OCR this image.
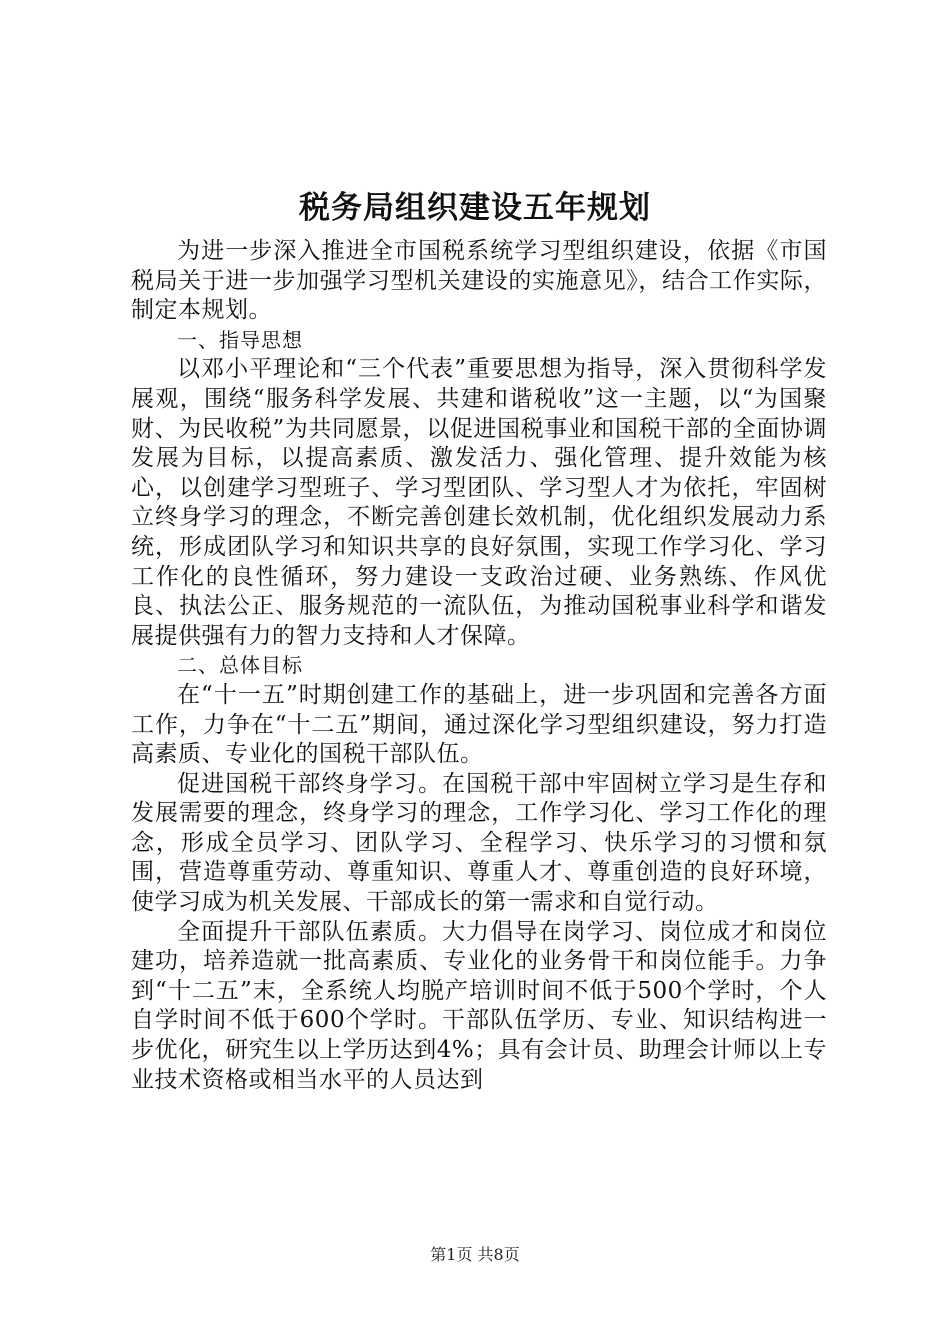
税务局组织建设五年规划

为进一步深入推进全市国税系统学习型组织建设，依据《市国税局关于进一步加强学习型机关建设的实施意见》，结合工作实际，制定本规划。

一、指导思想

以邓小平理论和“三个代表”重要思想为指导，深入贯彻科学发展观，围绕“服务科学发展、共建和谐税收”这一主题，以“为国聚财、为民收税”为共同愿景，以促进国税事业和国税干部的全面协调发展为目标，以提高素质、激发活力、强化管理、提升效能为核心，以创建学习型班子、学习型团队、学习型人才为依托，牢固树立终身学习的理念，不断完善创建长效机制，优化组织发展动力系统，形成团队学习和知识共享的良好氛围，实现工作学习化、学习工作化的良性循环，努力建设一支政治过硬、业务熟练、作风优良、执法公正、服务规范的一流队伍，为推动国税事业科学和谐发展提供强有力的智力支持和人才保障。

二、总体目标

在“十一五”时期创建工作的基础上，进一步巩固和完善各方面工作，力争在“十二五”期间，通过深化学习型组织建设，努力打造高素质、专业化的国税干部队伍。

促进国税干部终身学习。在国税干部中牢固树立学习是生存和发展需要的理念，终身学习的理念，工作学习化、学习工作化的理念，形成全员学习、团队学习、全程学习、快乐学习的习惯和氛围，营造尊重劳动、尊重知识、尊重人才、尊重创造的良好环境，使学习成为机关发展、干部成长的第一需求和自觉行动。

全面提升干部队伍素质。大力倡导在岗学习、岗位成才和岗位建功，培养造就一批高素质、专业化的业务骨干和岗位能手。力争到“十二五”末，全系统人均脱产培训时间不低于500个学时，个人自学时间不低于600个学时。干部队伍学历、专业、知识结构进一步优化，研究生以上学历达到4%；具有会计员、助理会计师以上专业技术资格或相当水平的人员达到

第1页 共8页
